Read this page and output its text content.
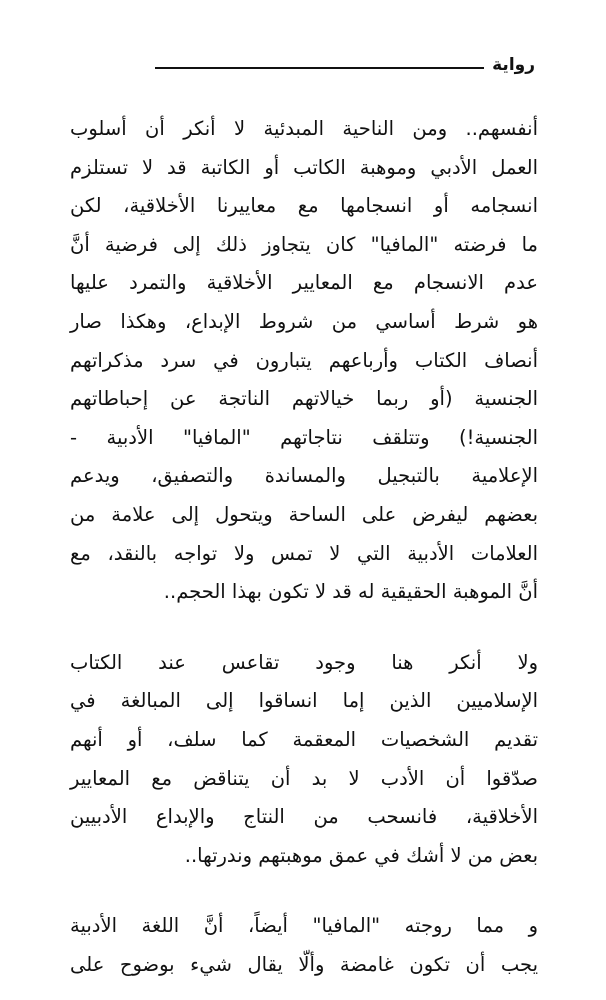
رواية
أنفسهم.. ومن الناحية المبدئية لا أنكر أن أسلوب
العمل الأدبي وموهبة الكاتب أو الكاتبة قد لا تستلزم
انسجامه أو انسجامها مع معاييرنا الأخلاقية، لكن
ما فرضته "المافيا" كان يتجاوز ذلك إلى فرضية أنَّ
عدم الانسجام مع المعايير الأخلاقية والتمرد عليها
هو شرط أساسي من شروط الإبداع، وهكذا صار
أنصاف الكتاب وأرباعهم يتبارون في سرد مذكراتهم
الجنسية (أو ربما خيالاتهم الناتجة عن إحباطاتهم
الجنسية!) وتتلقف نتاجاتهم "المافيا" الأدبية -
الإعلامية بالتبجيل والمساندة والتصفيق، ويدعم
بعضهم ليفرض على الساحة ويتحول إلى علامة من
العلامات الأدبية التي لا تمس ولا تواجه بالنقد، مع
أنَّ الموهبة الحقيقية له قد لا تكون بهذا الحجم..
ولا أنكر هنا وجود تقاعس عند الكتاب
الإسلاميين الذين إما انساقوا إلى المبالغة في
تقديم الشخصيات المعقمة كما سلف، أو أنهم
صدّقوا أن الأدب لا بد أن يتناقض مع المعايير
الأخلاقية، فانسحب من النتاج والإبداع الأدبيين
بعض من لا أشك في عمق موهبتهم وندرتها..
و مما روجته "المافيا" أيضاً، أنَّ اللغة الأدبية
يجب أن تكون غامضة وألّا يقال شيء بوضوح على
